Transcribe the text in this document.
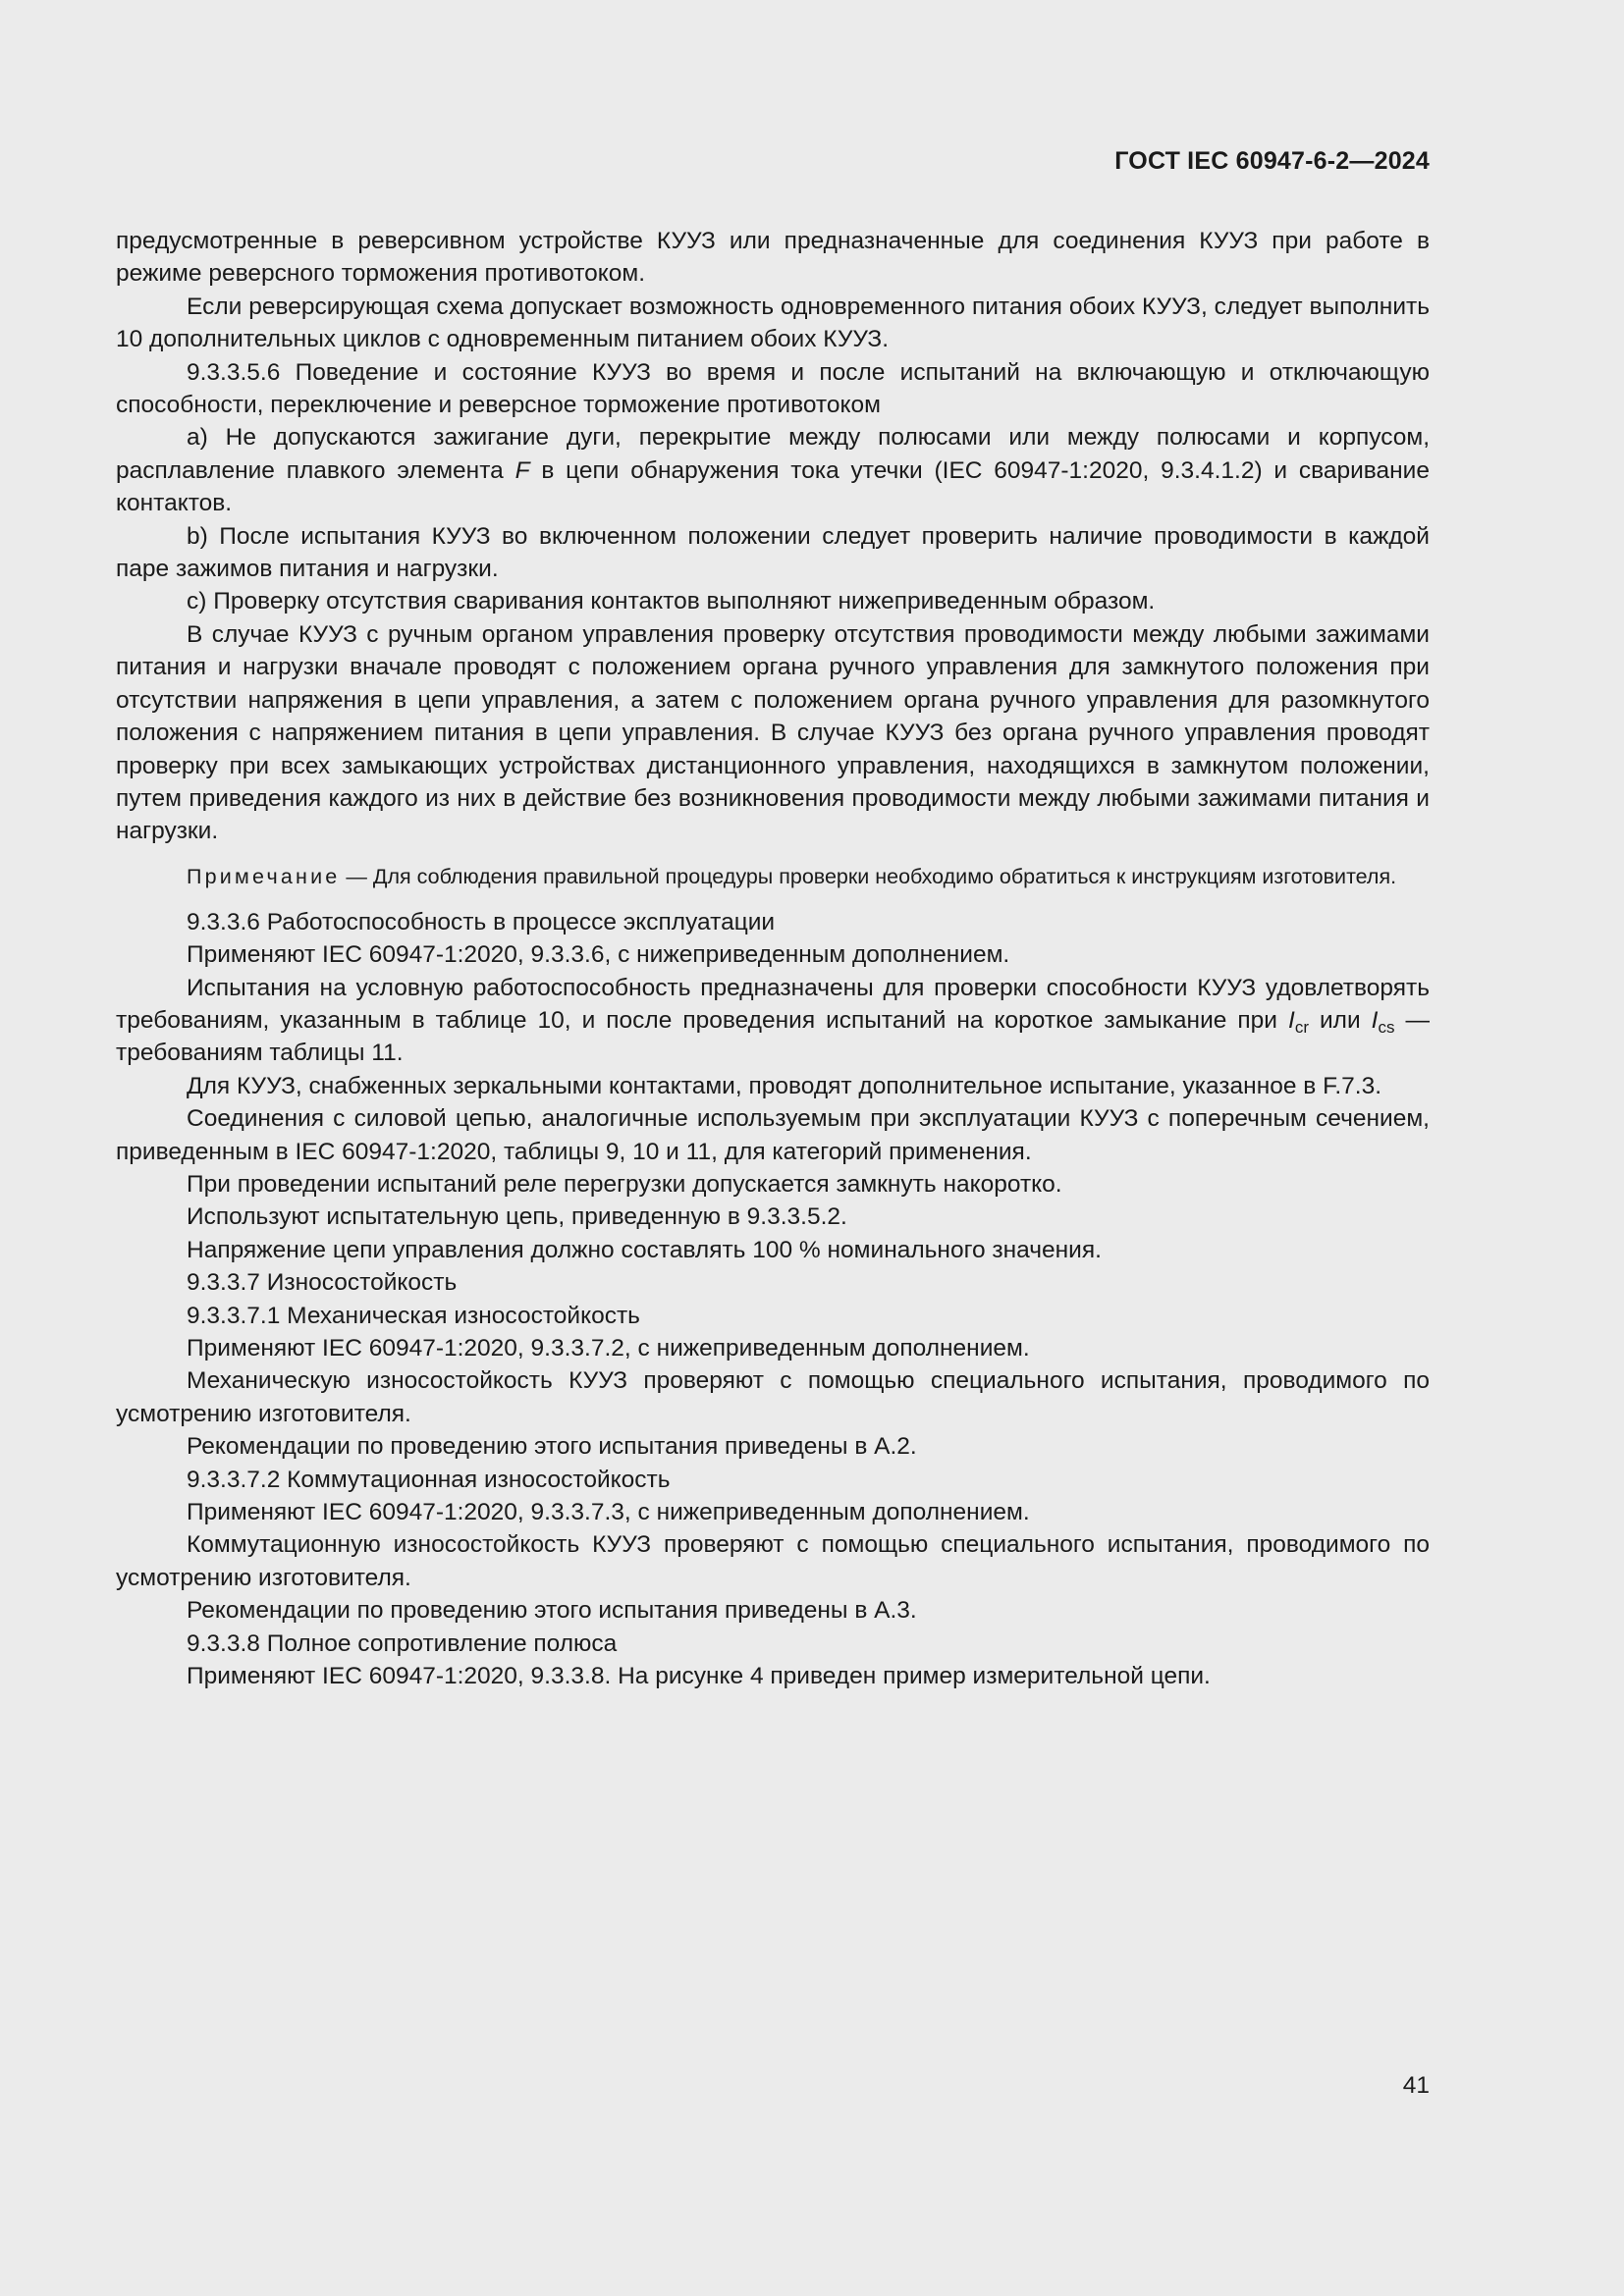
ГОСТ IEC 60947-6-2—2024

предусмотренные в реверсивном устройстве КУУЗ или предназначенные для соединения КУУЗ при работе в режиме реверсного торможения противотоком.

Если реверсирующая схема допускает возможность одновременного питания обоих КУУЗ, следует выполнить 10 дополнительных циклов с одновременным питанием обоих КУУЗ.

9.3.3.5.6 Поведение и состояние КУУЗ во время и после испытаний на включающую и отключающую способности, переключение и реверсное торможение противотоком

a) Не допускаются зажигание дуги, перекрытие между полюсами или между полюсами и корпусом, расплавление плавкого элемента F в цепи обнаружения тока утечки (IEC 60947-1:2020, 9.3.4.1.2) и сваривание контактов.

b) После испытания КУУЗ во включенном положении следует проверить наличие проводимости в каждой паре зажимов питания и нагрузки.

c) Проверку отсутствия сваривания контактов выполняют нижеприведенным образом.

В случае КУУЗ с ручным органом управления проверку отсутствия проводимости между любыми зажимами питания и нагрузки вначале проводят с положением органа ручного управления для замкнутого положения при отсутствии напряжения в цепи управления, а затем с положением органа ручного управления для разомкнутого положения с напряжением питания в цепи управления. В случае КУУЗ без органа ручного управления проводят проверку при всех замыкающих устройствах дистанционного управления, находящихся в замкнутом положении, путем приведения каждого из них в действие без возникновения проводимости между любыми зажимами питания и нагрузки.

Примечание — Для соблюдения правильной процедуры проверки необходимо обратиться к инструкциям изготовителя.

9.3.3.6 Работоспособность в процессе эксплуатации

Применяют IEC 60947-1:2020, 9.3.3.6, с нижеприведенным дополнением.

Испытания на условную работоспособность предназначены для проверки способности КУУЗ удовлетворять требованиям, указанным в таблице 10, и после проведения испытаний на короткое замыкание при $I_{cr}$ или $I_{cs}$ — требованиям таблицы 11.

Для КУУЗ, снабженных зеркальными контактами, проводят дополнительное испытание, указанное в F.7.3.

Соединения с силовой цепью, аналогичные используемым при эксплуатации КУУЗ с поперечным сечением, приведенным в IEC 60947-1:2020, таблицы 9, 10 и 11, для категорий применения.

При проведении испытаний реле перегрузки допускается замкнуть накоротко.

Используют испытательную цепь, приведенную в 9.3.3.5.2.

Напряжение цепи управления должно составлять 100 % номинального значения.

9.3.3.7 Износостойкость

9.3.3.7.1 Механическая износостойкость

Применяют IEC 60947-1:2020, 9.3.3.7.2, с нижеприведенным дополнением.

Механическую износостойкость КУУЗ проверяют с помощью специального испытания, проводимого по усмотрению изготовителя.

Рекомендации по проведению этого испытания приведены в А.2.

9.3.3.7.2 Коммутационная износостойкость

Применяют IEC 60947-1:2020, 9.3.3.7.3, с нижеприведенным дополнением.

Коммутационную износостойкость КУУЗ проверяют с помощью специального испытания, проводимого по усмотрению изготовителя.

Рекомендации по проведению этого испытания приведены в А.3.

9.3.3.8 Полное сопротивление полюса

Применяют IEC 60947-1:2020, 9.3.3.8. На рисунке 4 приведен пример измерительной цепи.

41
